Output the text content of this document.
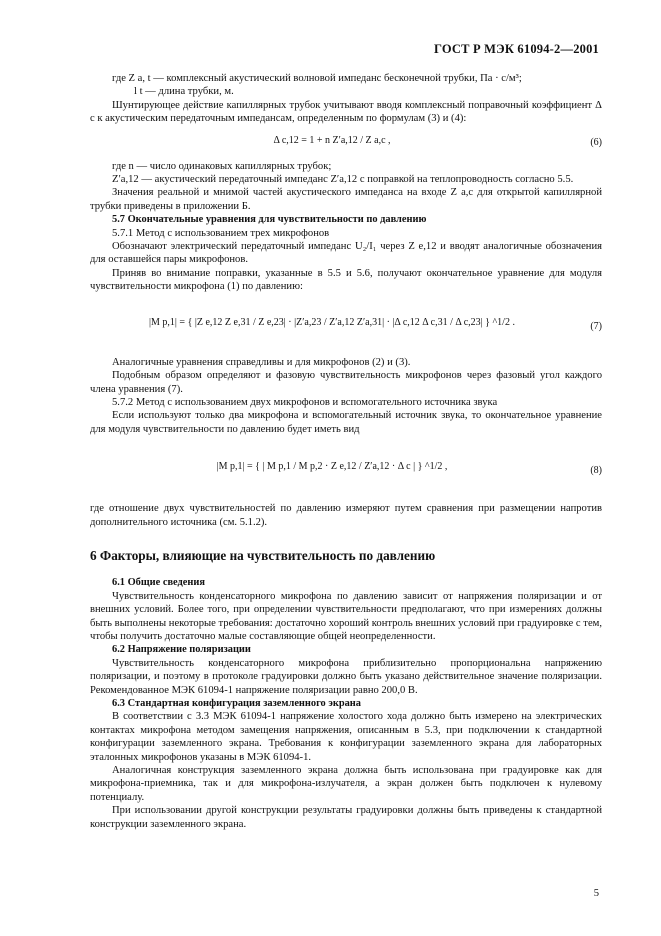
ГОСТ Р МЭК 61094-2—2001

где Z а, t — комплексный акустический волновой импеданс бесконечной трубки, Па · с/м³;

l t — длина трубки, м.

Шунтирующее действие капиллярных трубок учитывают вводя комплексный поправочный коэффициент Δ c к акустическим передаточным импедансам, определенным по формулам (3) и (4):

Δ c,12 = 1 + n Z′a,12 / Z a,c ,	(6)

где n — число одинаковых капиллярных трубок;

Z′a,12 — акустический передаточный импеданс Z′a,12 с поправкой на теплопроводность согласно 5.5.

Значения реальной и мнимой частей акустического импеданса на входе Z a,c для открытой капиллярной трубки приведены в приложении Б.

5.7 Окончательные уравнения для чувствительности по давлению

5.7.1 Метод с использованием трех микрофонов

Обозначают электрический передаточный импеданс U₂/I₁ через Z e,12 и вводят аналогичные обозначения для оставшейся пары микрофонов.

Приняв во внимание поправки, указанные в 5.5 и 5.6, получают окончательное уравнение для модуля чувствительности микрофона (1) по давлению:

|M p,1| = { |Z e,12 Z e,31 / Z e,23| · |Z′a,23 / Z′a,12 Z′a,31| · |Δ c,12 Δ c,31 / Δ c,23| } ^1/2 .	(7)

Аналогичные уравнения справедливы и для микрофонов (2) и (3).

Подобным образом определяют и фазовую чувствительность микрофонов через фазовый угол каждого члена уравнения (7).

5.7.2 Метод с использованием двух микрофонов и вспомогательного источника звука

Если используют только два микрофона и вспомогательный источник звука, то окончательное уравнение для модуля чувствительности по давлению будет иметь вид

|M p,1| = { | M p,1 / M p,2 · Z e,12 / Z′a,12 · Δ c | } ^1/2 ,	(8)

где отношение двух чувствительностей по давлению измеряют путем сравнения при размещении напротив дополнительного источника (см. 5.1.2).

6 Факторы, влияющие на чувствительность по давлению

6.1 Общие сведения

Чувствительность конденсаторного микрофона по давлению зависит от напряжения поляризации и от внешних условий. Более того, при определении чувствительности предполагают, что при измерениях должны быть выполнены некоторые требования: достаточно хороший контроль внешних условий при градуировке с тем, чтобы получить достаточно малые составляющие общей неопределенности.

6.2 Напряжение поляризации

Чувствительность конденсаторного микрофона приблизительно пропорциональна напряжению поляризации, и поэтому в протоколе градуировки должно быть указано действительное значение поляризации. Рекомендованное МЭК 61094-1 напряжение поляризации равно 200,0 В.

6.3 Стандартная конфигурация заземленного экрана

В соответствии с 3.3 МЭК 61094-1 напряжение холостого хода должно быть измерено на электрических контактах микрофона методом замещения напряжения, описанным в 5.3, при подключении к стандартной конфигурации заземленного экрана. Требования к конфигурации заземленного экрана для лабораторных эталонных микрофонов указаны в МЭК 61094-1.

Аналогичная конструкция заземленного экрана должна быть использована при градуировке как для микрофона-приемника, так и для микрофона-излучателя, а экран должен быть подключен к нулевому потенциалу.

При использовании другой конструкции результаты градуировки должны быть приведены к стандартной конструкции заземленного экрана.

5
